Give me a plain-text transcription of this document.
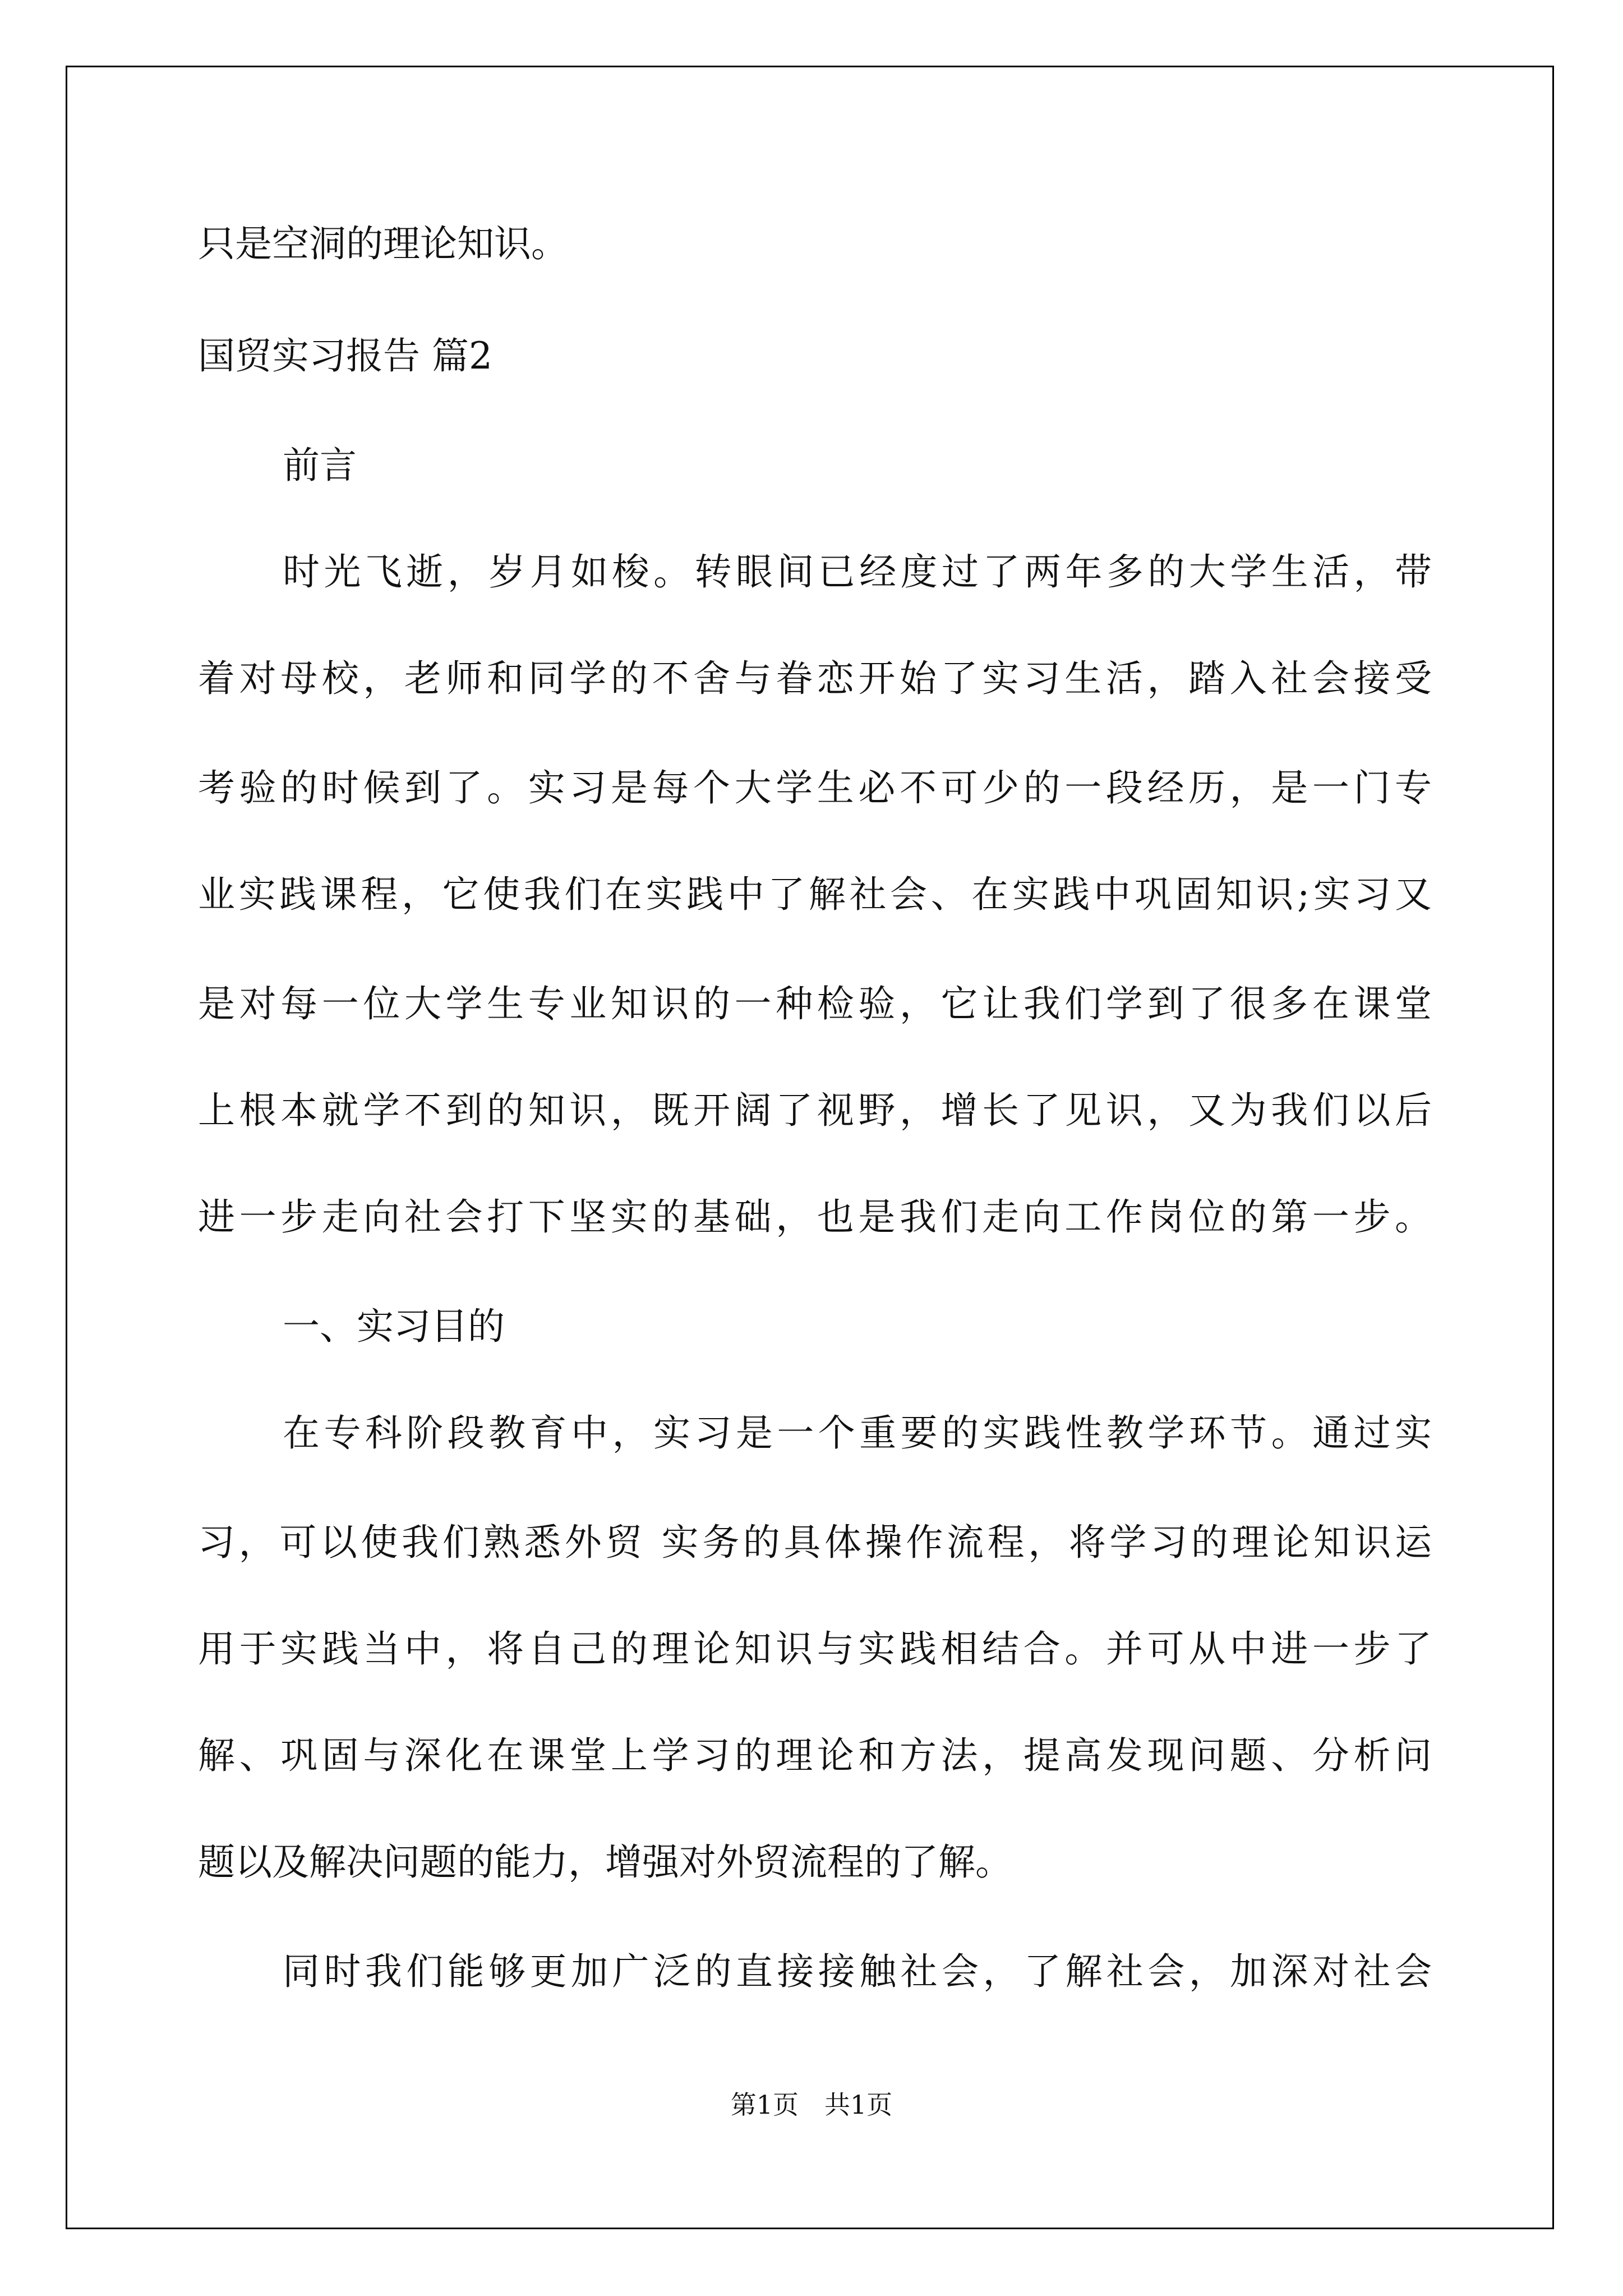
只是空洞的理论知识。
国贸实习报告 篇2
前言
时光飞逝，岁月如梭。转眼间已经度过了两年多的大学生活，带
着对母校，老师和同学的不舍与眷恋开始了实习生活，踏入社会接受
考验的时候到了。实习是每个大学生必不可少的一段经历，是一门专
业实践课程，它使我们在实践中了解社会、在实践中巩固知识;实习又
是对每一位大学生专业知识的一种检验，它让我们学到了很多在课堂
上根本就学不到的知识，既开阔了视野，增长了见识，又为我们以后
进一步走向社会打下坚实的基础，也是我们走向工作岗位的第一步。
一、实习目的
在专科阶段教育中，实习是一个重要的实践性教学环节。通过实
习，可以使我们熟悉外贸 实务的具体操作流程，将学习的理论知识运
用于实践当中，将自己的理论知识与实践相结合。并可从中进一步了
解、巩固与深化在课堂上学习的理论和方法，提高发现问题、分析问
题以及解决问题的能力，增强对外贸流程的了解。
同时我们能够更加广泛的直接接触社会，了解社会，加深对社会
第1页　共1页
